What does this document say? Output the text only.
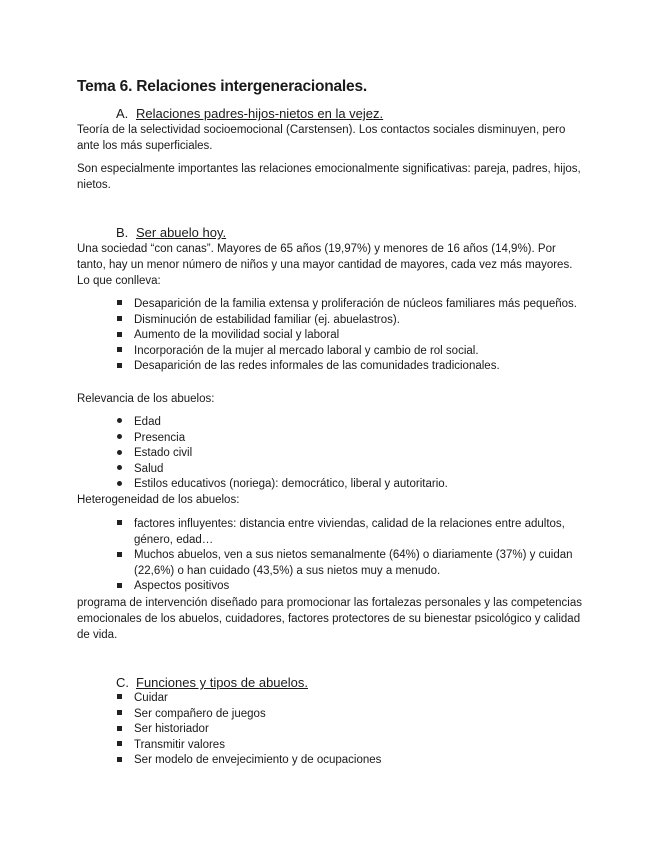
Tema 6. Relaciones intergeneracionales.
A. Relaciones padres-hijos-nietos en la vejez.

Teoría de la selectividad socioemocional (Carstensen). Los contactos sociales disminuyen, pero ante los más superficiales.

Son especialmente importantes las relaciones emocionalmente significativas: pareja, padres, hijos, nietos.

B. Ser abuelo hoy.

Una sociedad “con canas”. Mayores de 65 años (19,97%) y menores de 16 años (14,9%). Por tanto, hay un menor número de niños y una mayor cantidad de mayores, cada vez más mayores. Lo que conlleva:

Desaparición de la familia extensa y proliferación de núcleos familiares más pequeños.
Disminución de estabilidad familiar (ej. abuelastros).
Aumento de la movilidad social y laboral
Incorporación de la mujer al mercado laboral y cambio de rol social.
Desaparición de las redes informales de las comunidades tradicionales.

Relevancia de los abuelos:

Edad
Presencia
Estado civil
Salud
Estilos educativos (noriega): democrático, liberal y autoritario.

Heterogeneidad de los abuelos:

factores influyentes: distancia entre viviendas, calidad de la relaciones entre adultos, género, edad…
Muchos abuelos, ven a sus nietos semanalmente (64%) o diariamente (37%) y cuidan (22,6%) o han cuidado (43,5%) a sus nietos muy a menudo.
Aspectos positivos

programa de intervención diseñado para promocionar las fortalezas personales y las competencias emocionales de los abuelos, cuidadores, factores protectores de su bienestar psicológico y calidad de vida.

C. Funciones y tipos de abuelos.
Cuidar
Ser compañero de juegos
Ser historiador
Transmitir valores
Ser modelo de envejecimiento y de ocupaciones
